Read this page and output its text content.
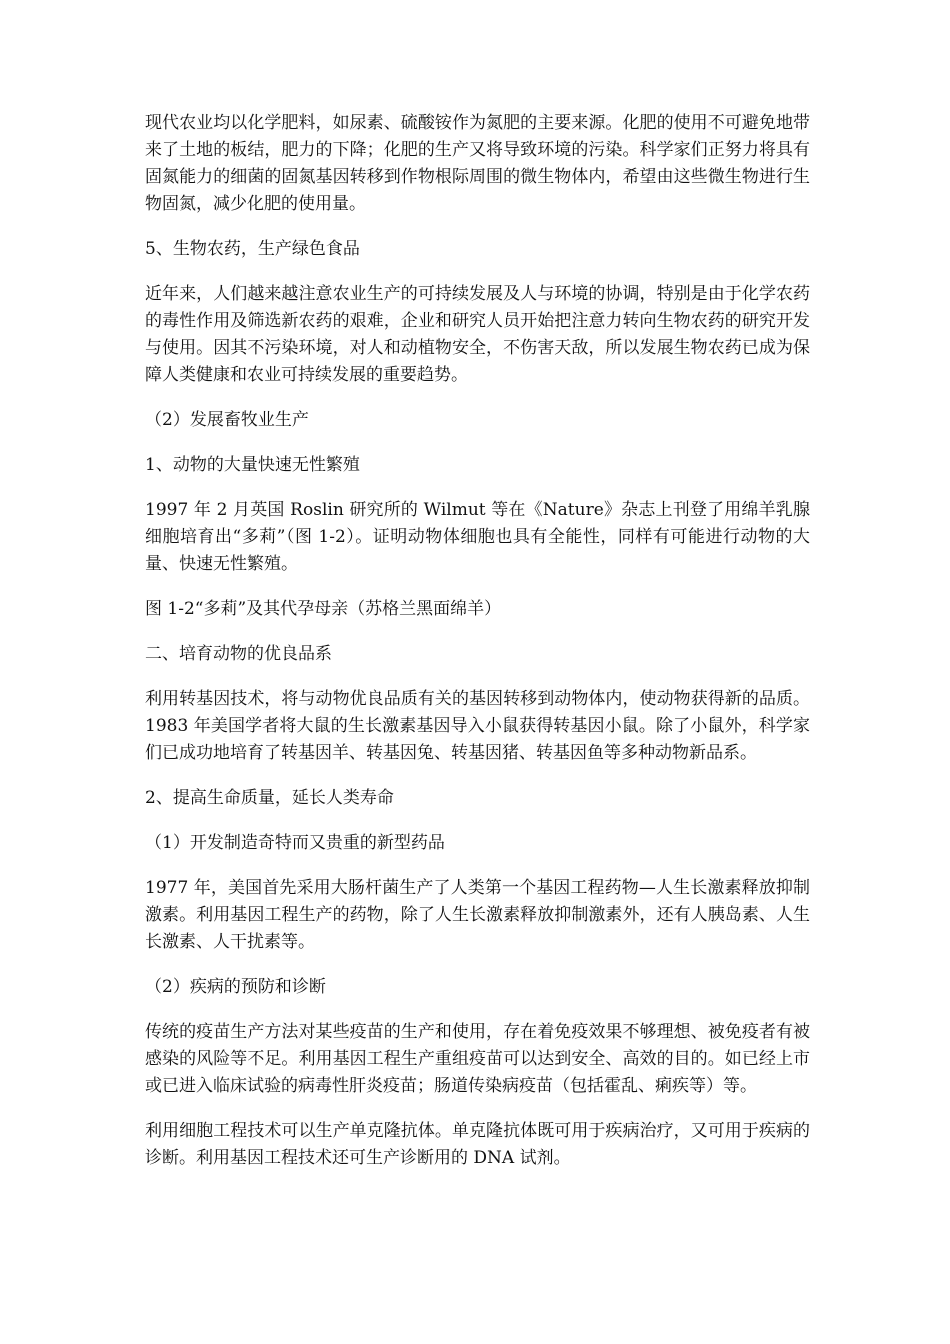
现代农业均以化学肥料，如尿素、硫酸铵作为氮肥的主要来源。化肥的使用不可避免地带来了土地的板结，肥力的下降；化肥的生产又将导致环境的污染。科学家们正努力将具有固氮能力的细菌的固氮基因转移到作物根际周围的微生物体内，希望由这些微生物进行生物固氮，减少化肥的使用量。

5、生物农药，生产绿色食品

近年来，人们越来越注意农业生产的可持续发展及人与环境的协调，特别是由于化学农药的毒性作用及筛选新农药的艰难，企业和研究人员开始把注意力转向生物农药的研究开发与使用。因其不污染环境，对人和动植物安全，不伤害天敌，所以发展生物农药已成为保障人类健康和农业可持续发展的重要趋势。

（2）发展畜牧业生产

1、动物的大量快速无性繁殖

1997 年 2 月英国 Roslin 研究所的 Wilmut 等在《Nature》杂志上刊登了用绵羊乳腺细胞培育出“多莉”（图 1-2）。证明动物体细胞也具有全能性，同样有可能进行动物的大量、快速无性繁殖。

图 1-2“多莉”及其代孕母亲（苏格兰黑面绵羊）

二、培育动物的优良品系

利用转基因技术，将与动物优良品质有关的基因转移到动物体内，使动物获得新的品质。1983 年美国学者将大鼠的生长激素基因导入小鼠获得转基因小鼠。除了小鼠外，科学家们已成功地培育了转基因羊、转基因兔、转基因猪、转基因鱼等多种动物新品系。

2、提高生命质量，延长人类寿命

（1）开发制造奇特而又贵重的新型药品

1977 年，美国首先采用大肠杆菌生产了人类第一个基因工程药物—人生长激素释放抑制激素。利用基因工程生产的药物，除了人生长激素释放抑制激素外，还有人胰岛素、人生长激素、人干扰素等。

（2）疾病的预防和诊断

传统的疫苗生产方法对某些疫苗的生产和使用，存在着免疫效果不够理想、被免疫者有被感染的风险等不足。利用基因工程生产重组疫苗可以达到安全、高效的目的。如已经上市或已进入临床试验的病毒性肝炎疫苗；肠道传染病疫苗（包括霍乱、痢疾等）等。

利用细胞工程技术可以生产单克隆抗体。单克隆抗体既可用于疾病治疗，又可用于疾病的诊断。利用基因工程技术还可生产诊断用的 DNA 试剂。
